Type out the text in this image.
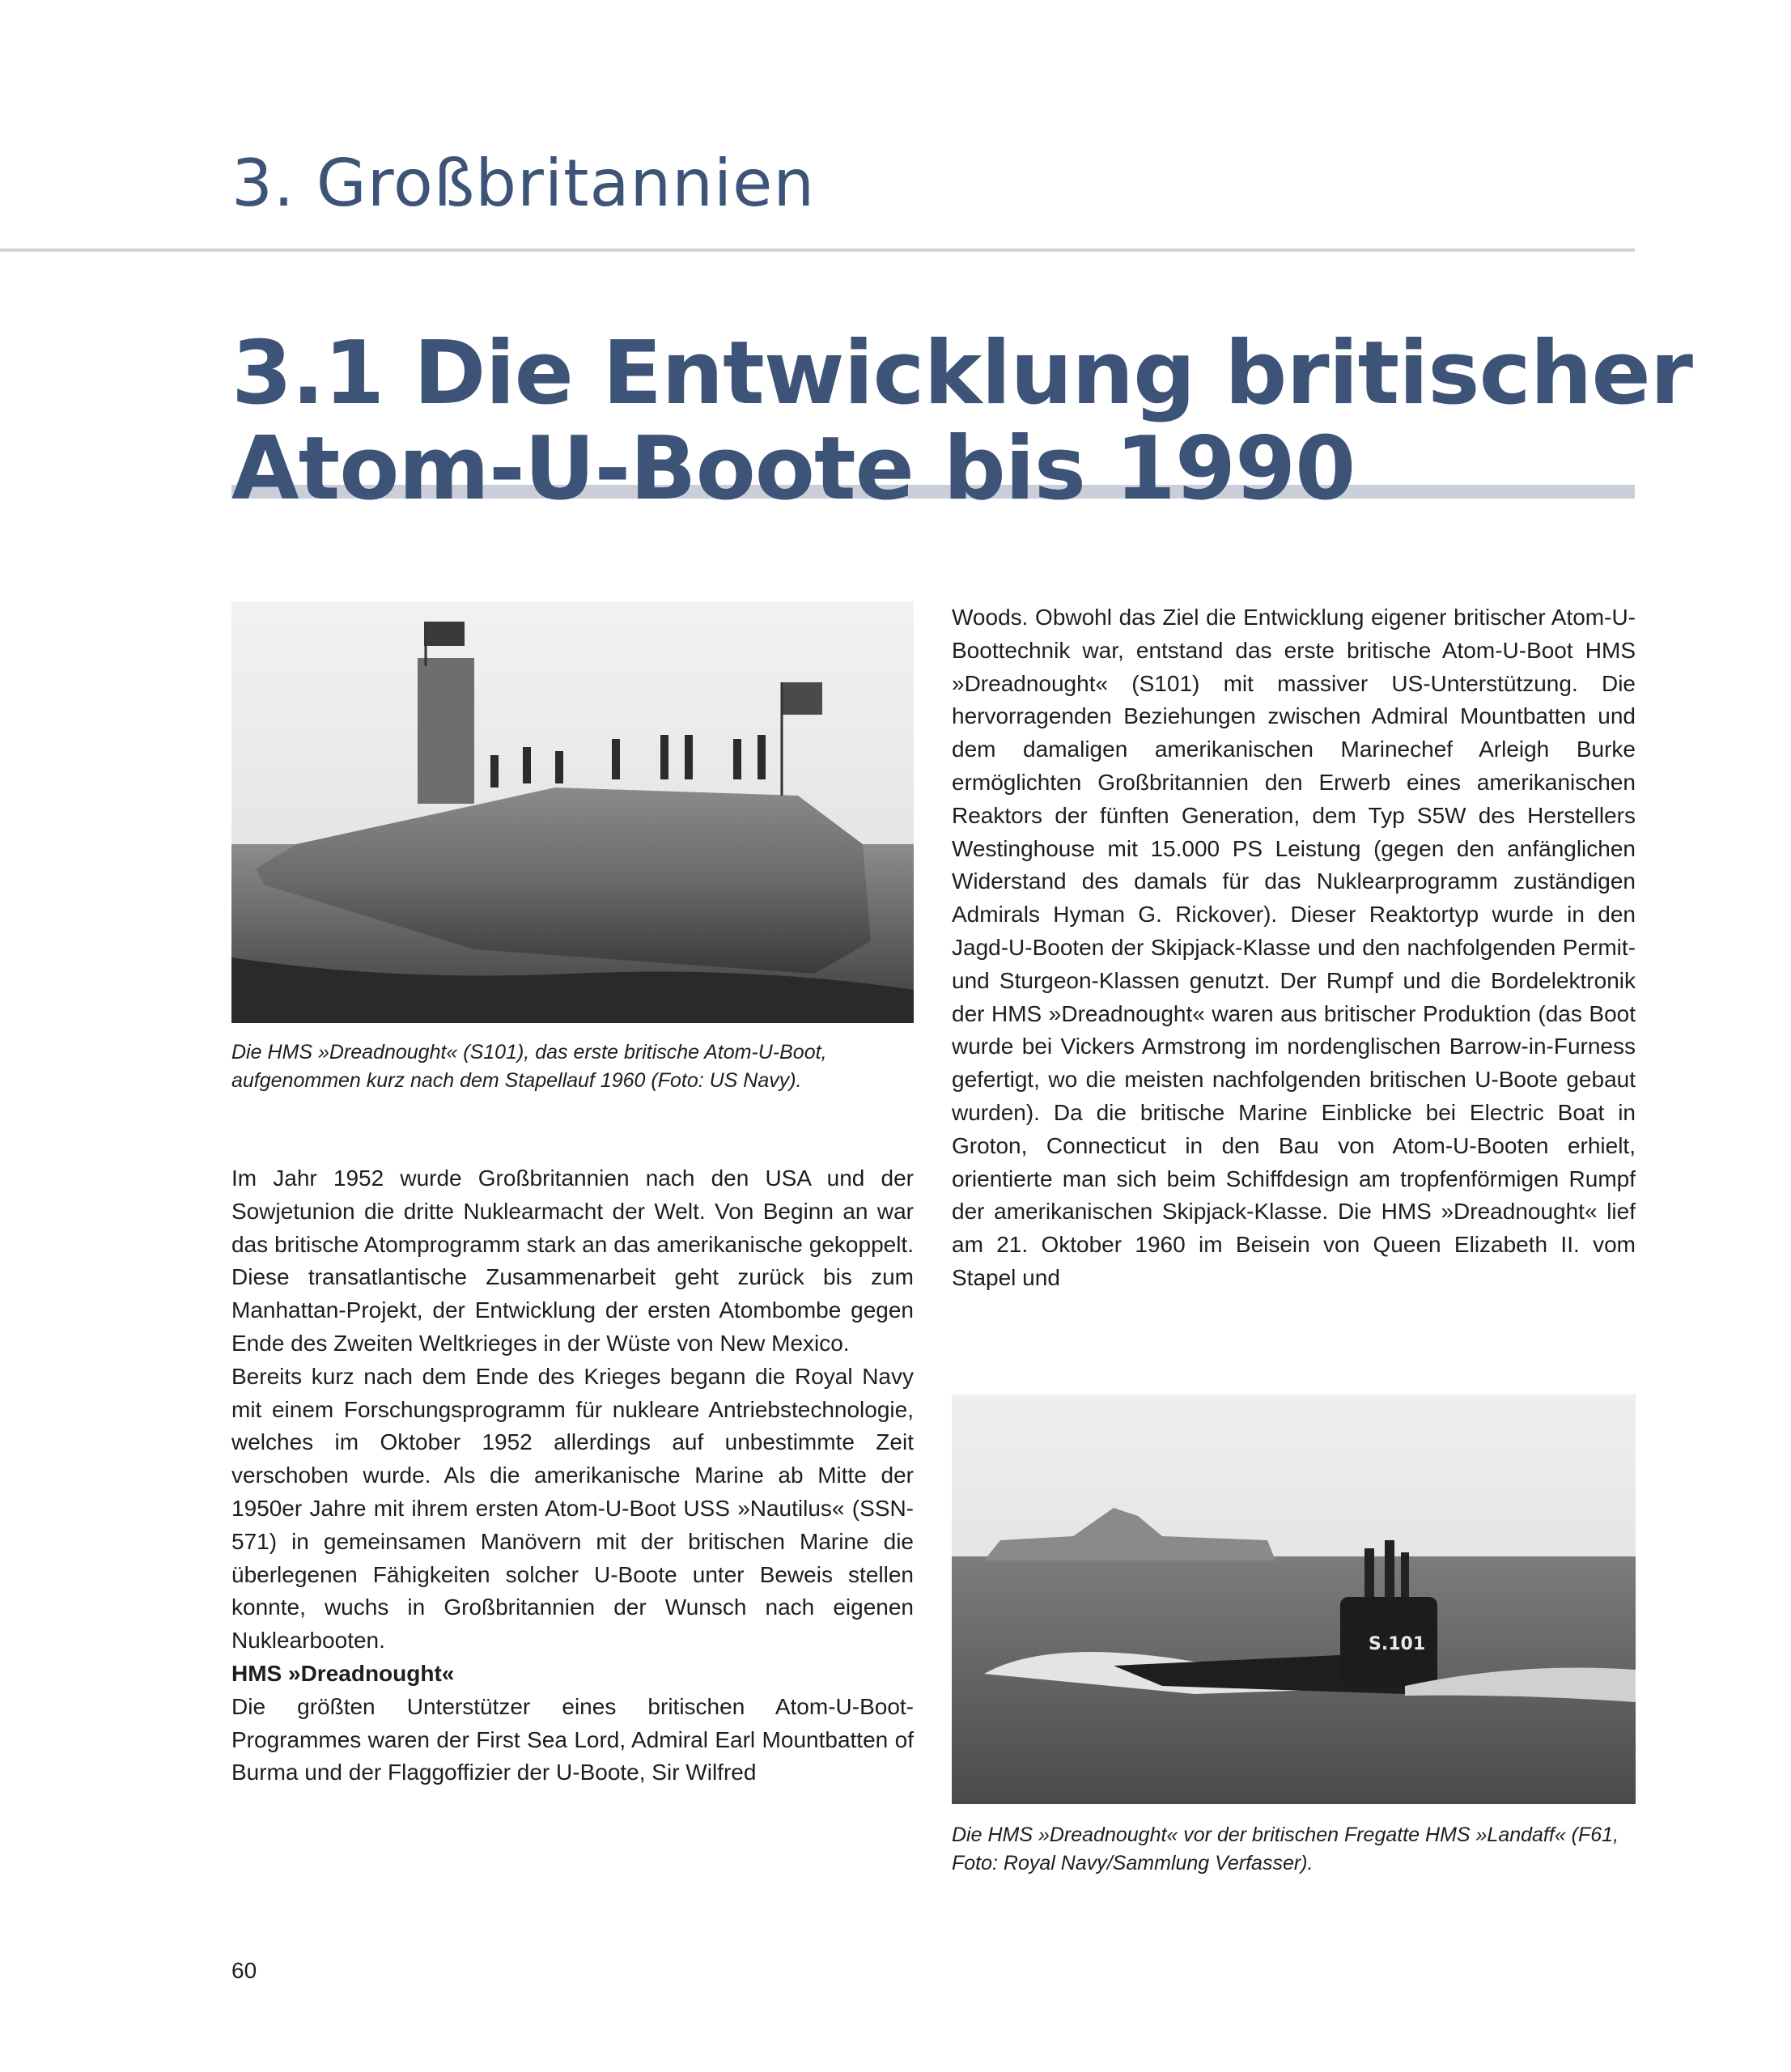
3. Großbritannien
3.1 Die Entwicklung britischer
Atom-U-Boote bis 1990

Die HMS »Dreadnought« (S101), das erste britische Atom-U-Boot, aufgenommen kurz nach dem Stapellauf 1960 (Foto: US Navy).

Im Jahr 1952 wurde Großbritannien nach den USA und der Sowjetunion die dritte Nuklearmacht der Welt. Von Beginn an war das britische Atomprogramm stark an das amerikanische gekoppelt. Diese transatlantische Zusammenarbeit geht zurück bis zum Manhattan-Projekt, der Entwicklung der ersten Atombombe gegen Ende des Zweiten Weltkrieges in der Wüste von New Mexico.

Bereits kurz nach dem Ende des Krieges begann die Royal Navy mit einem Forschungsprogramm für nukleare Antriebstechnologie, welches im Oktober 1952 allerdings auf unbestimmte Zeit verschoben wurde. Als die amerikanische Marine ab Mitte der 1950er Jahre mit ihrem ersten Atom-U-Boot USS »Nautilus« (SSN-571) in gemeinsamen Manövern mit der britischen Marine die überlegenen Fähigkeiten solcher U-Boote unter Beweis stellen konnte, wuchs in Großbritannien der Wunsch nach eigenen Nuklearbooten.

HMS »Dreadnought«

Die größten Unterstützer eines britischen Atom-U-Boot-Programmes waren der First Sea Lord, Admiral Earl Mountbatten of Burma und der Flaggoffizier der U-Boote, Sir Wilfred

Woods. Obwohl das Ziel die Entwicklung eigener britischer Atom-U-Boottechnik war, entstand das erste britische Atom-U-Boot HMS »Dreadnought« (S101) mit massiver US-Unterstützung. Die hervorragenden Beziehungen zwischen Admiral Mountbatten und dem damaligen amerikanischen Marinechef Arleigh Burke ermöglichten Großbritannien den Erwerb eines amerikanischen Reaktors der fünften Generation, dem Typ S5W des Herstellers Westinghouse mit 15.000 PS Leistung (gegen den anfänglichen Widerstand des damals für das Nuklearprogramm zuständigen Admirals Hyman G. Rickover). Dieser Reaktortyp wurde in den Jagd-U-Booten der Skipjack-Klasse und den nachfolgenden Permit- und Sturgeon-Klassen genutzt. Der Rumpf und die Bordelektronik der HMS »Dreadnought« waren aus britischer Produktion (das Boot wurde bei Vickers Armstrong im nordenglischen Barrow-in-Furness gefertigt, wo die meisten nachfolgenden britischen U-Boote gebaut wurden). Da die britische Marine Einblicke bei Electric Boat in Groton, Connecticut in den Bau von Atom-U-Booten erhielt, orientierte man sich beim Schiffdesign am tropfenförmigen Rumpf der amerikanischen Skipjack-Klasse. Die HMS »Dreadnought« lief am 21. Oktober 1960 im Beisein von Queen Elizabeth II. vom Stapel und

S.101

Die HMS »Dreadnought« vor der britischen Fregatte HMS »Landaff« (F61, Foto: Royal Navy/Sammlung Verfasser).

60
